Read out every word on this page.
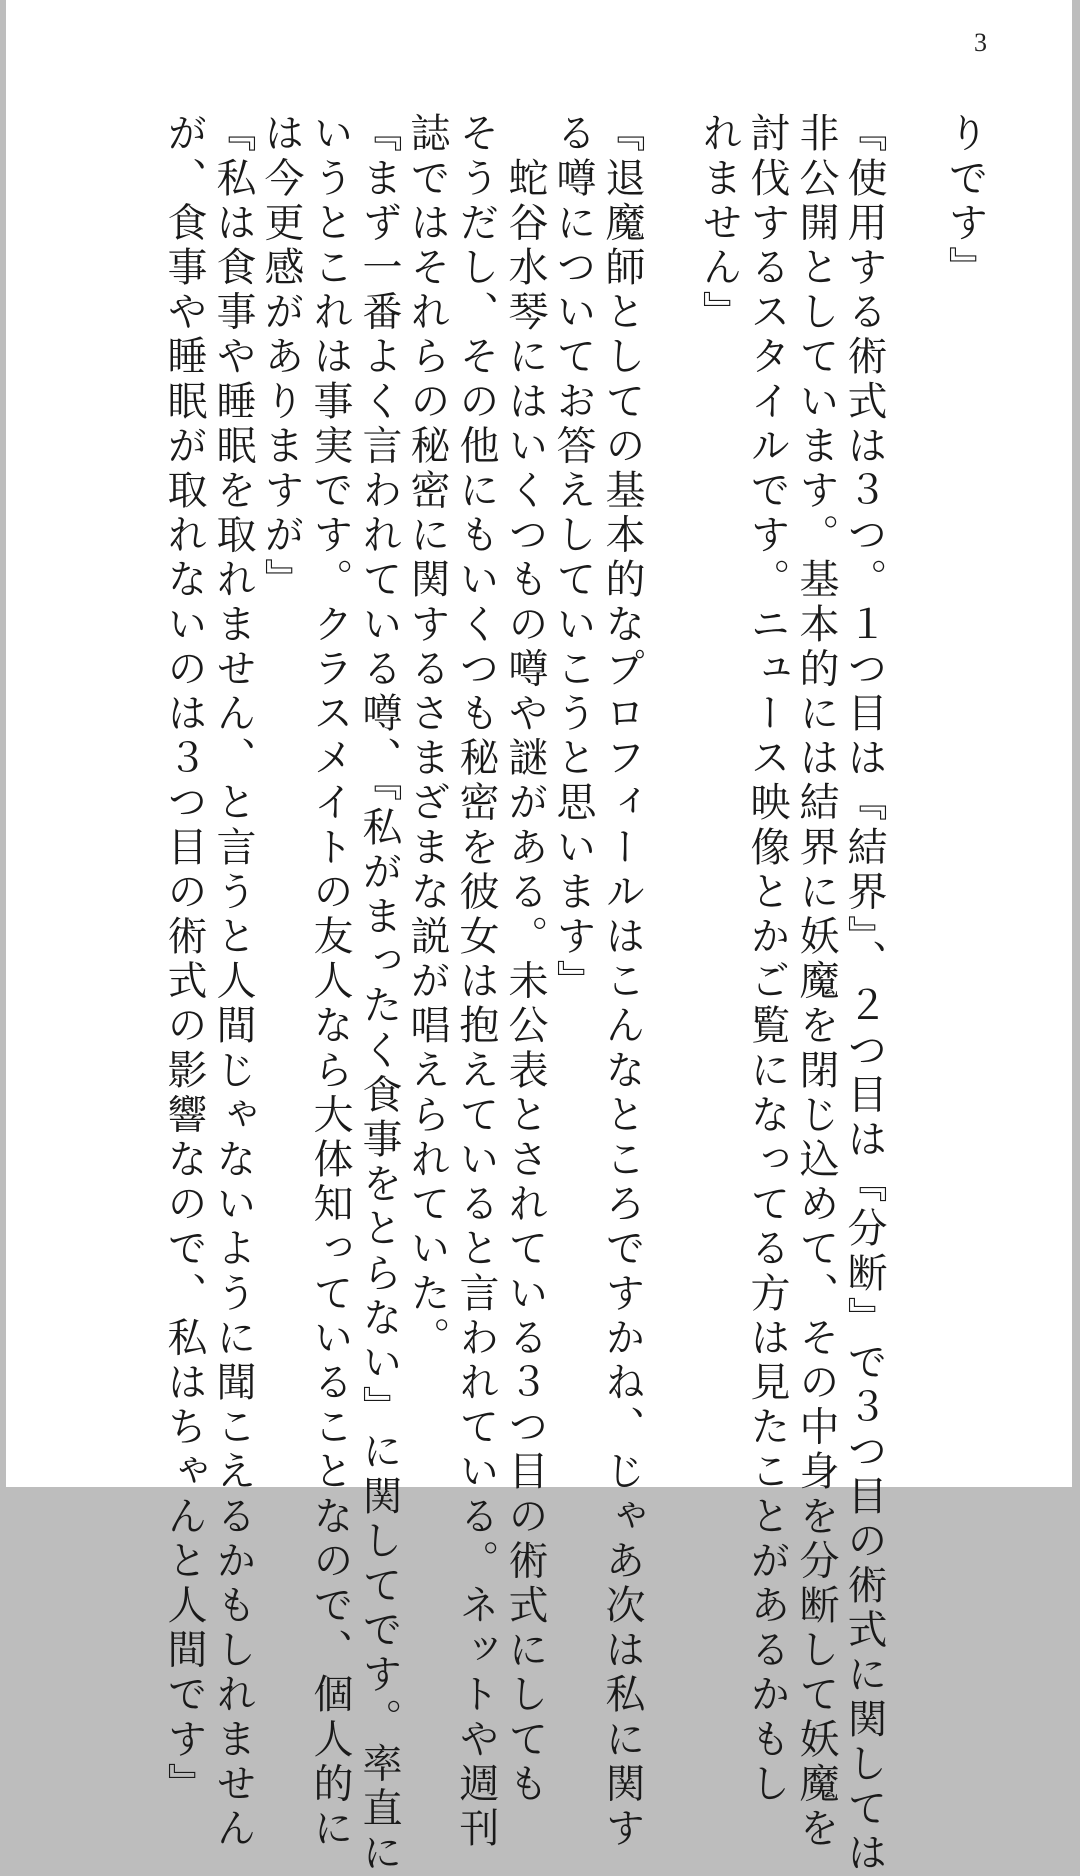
3
りです』
『使用する術式は３つ。１つ目は『結界』、２つ目は『分断』で３つ目の術式に関しては
非公開としています。基本的には結界に妖魔を閉じ込めて、その中身を分断して妖魔を
討伐するスタイルです。ニュース映像とかご覧になってる方は見たことがあるかもし
れません』
『退魔師としての基本的なプロフィールはこんなところですかね、じゃあ次は私に関す
る噂についてお答えしていこうと思います』
　蛇谷水琴にはいくつもの噂や謎がある。未公表とされている３つ目の術式にしても
そうだし、その他にもいくつも秘密を彼女は抱えていると言われている。ネットや週刊
誌ではそれらの秘密に関するさまざまな説が唱えられていた。
『まず一番よく言われている噂、『私がまったく食事をとらない』に関してです。率直に
いうとこれは事実です。クラスメイトの友人なら大体知っていることなので、個人的に
は今更感がありますが』
『私は食事や睡眠を取れません、と言うと人間じゃないように聞こえるかもしれません
が、食事や睡眠が取れないのは３つ目の術式の影響なので、私はちゃんと人間です』
